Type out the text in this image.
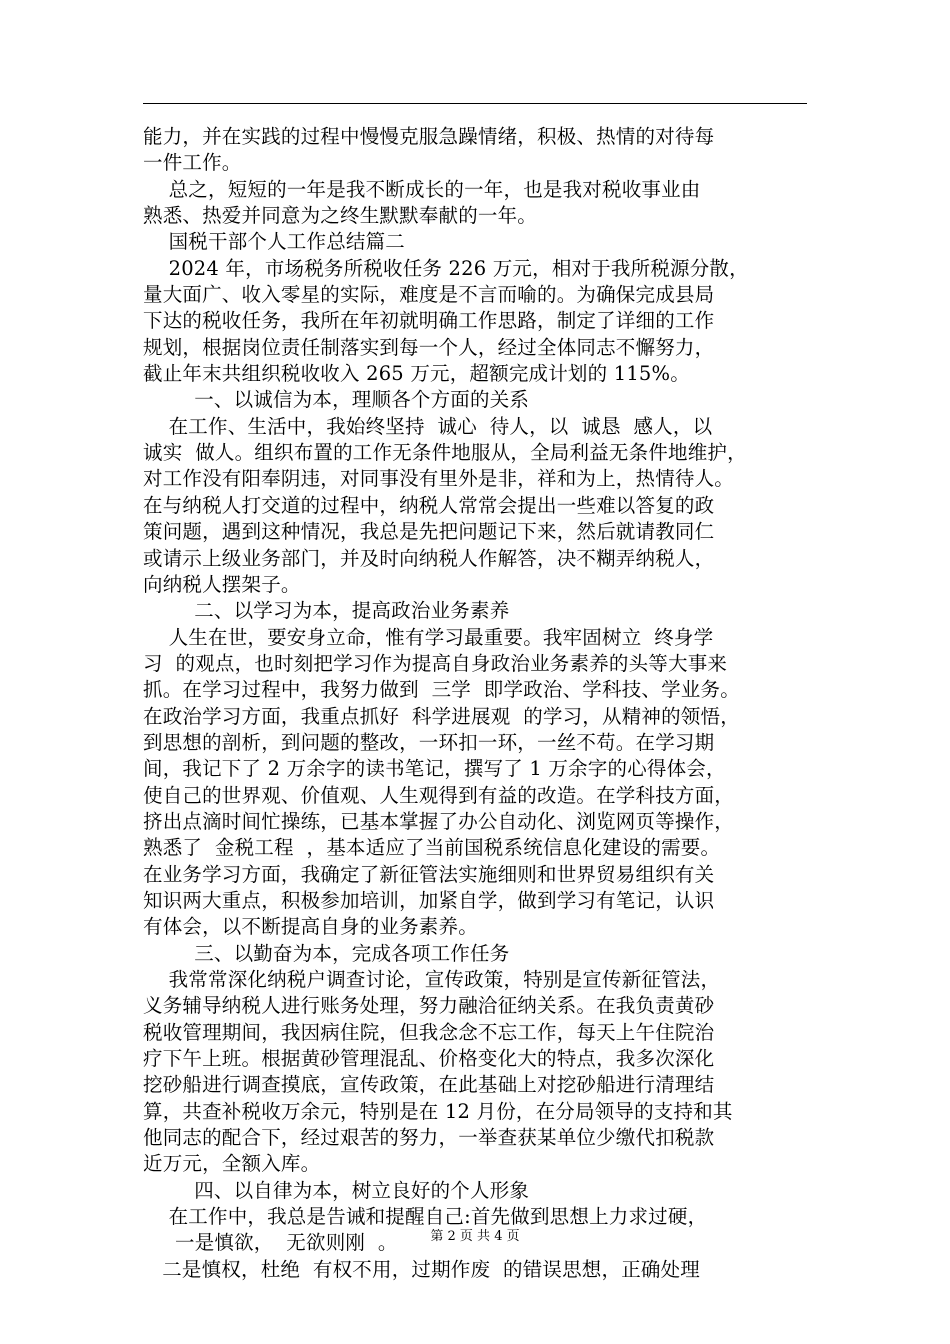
能力，并在实践的过程中慢慢克服急躁情绪，积极、热情的对待每
一件工作。
总之，短短的一年是我不断成长的一年，也是我对税收事业由
熟悉、热爱并同意为之终生默默奉献的一年。
国税干部个人工作总结篇二
2024 年，市场税务所税收任务 226 万元，相对于我所税源分散，
量大面广、收入零星的实际，难度是不言而喻的。为确保完成县局
下达的税收任务，我所在年初就明确工作思路，制定了详细的工作
规划，根据岗位责任制落实到每一个人，经过全体同志不懈努力，
截止年末共组织税收收入 265 万元，超额完成计划的 115%。
一、以诚信为本，理顺各个方面的关系
在工作、生活中，我始终坚持  诚心  待人，以  诚恳  感人，以
诚实  做人。组织布置的工作无条件地服从，全局利益无条件地维护，
对工作没有阳奉阴违，对同事没有里外是非，祥和为上，热情待人。
在与纳税人打交道的过程中，纳税人常常会提出一些难以答复的政
策问题，遇到这种情况，我总是先把问题记下来，然后就请教同仁
或请示上级业务部门，并及时向纳税人作解答，决不糊弄纳税人，
向纳税人摆架子。
二、以学习为本，提高政治业务素养
人生在世，要安身立命，惟有学习最重要。我牢固树立  终身学
习  的观点，也时刻把学习作为提高自身政治业务素养的头等大事来
抓。在学习过程中，我努力做到  三学  即学政治、学科技、学业务。
在政治学习方面，我重点抓好  科学进展观  的学习，从精神的领悟，
到思想的剖析，到问题的整改，一环扣一环，一丝不苟。在学习期
间，我记下了 2 万余字的读书笔记，撰写了 1 万余字的心得体会，
使自己的世界观、价值观、人生观得到有益的改造。在学科技方面，
挤出点滴时间忙操练，已基本掌握了办公自动化、浏览网页等操作，
熟悉了  金税工程  ，基本适应了当前国税系统信息化建设的需要。
在业务学习方面，我确定了新征管法实施细则和世界贸易组织有关
知识两大重点，积极参加培训，加紧自学，做到学习有笔记，认识
有体会，以不断提高自身的业务素养。
三、以勤奋为本，完成各项工作任务
我常常深化纳税户调查讨论，宣传政策，特别是宣传新征管法，
义务辅导纳税人进行账务处理，努力融洽征纳关系。在我负责黄砂
税收管理期间，我因病住院，但我念念不忘工作，每天上午住院治
疗下午上班。根据黄砂管理混乱、价格变化大的特点，我多次深化
挖砂船进行调查摸底，宣传政策，在此基础上对挖砂船进行清理结
算，共查补税收万余元，特别是在 12 月份，在分局领导的支持和其
他同志的配合下，经过艰苦的努力，一举查获某单位少缴代扣税款
近万元，全额入库。
四、以自律为本，树立良好的个人形象
在工作中，我总是告诫和提醒自己:首先做到思想上力求过硬，
一是慎欲，  无欲则刚  。
二是慎权，杜绝  有权不用，过期作废  的错误思想，正确处理
第 2 页 共 4 页
